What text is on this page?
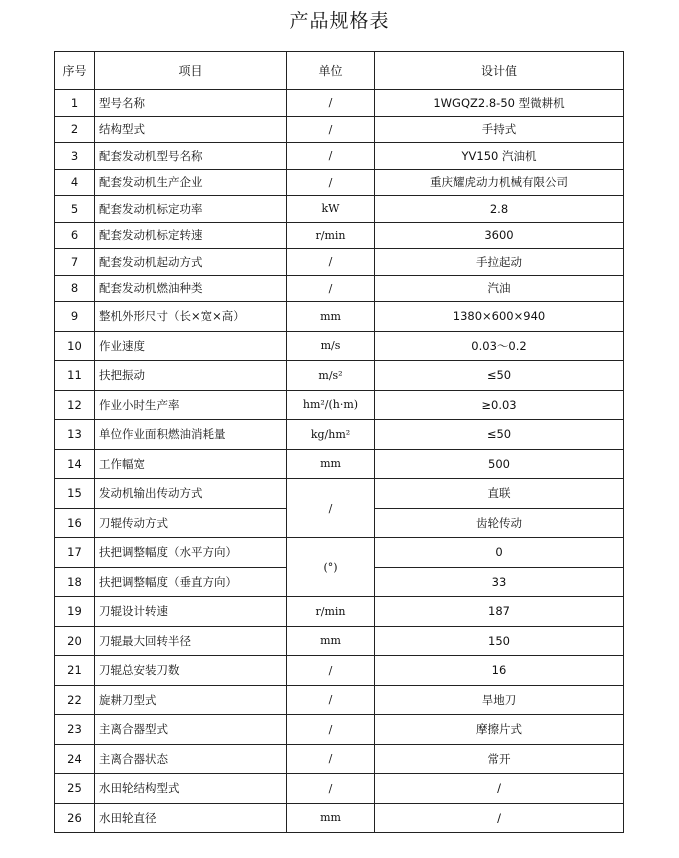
产品规格表
序号	项目	单位	设计值
1	型号名称	/	1WGQZ2.8-50 型微耕机
2	结构型式	/	手持式
3	配套发动机型号名称	/	YV150 汽油机
4	配套发动机生产企业	/	重庆耀虎动力机械有限公司
5	配套发动机标定功率	kW	2.8
6	配套发动机标定转速	r/min	3600
7	配套发动机起动方式	/	手拉起动
8	配套发动机燃油种类	/	汽油
9	整机外形尺寸（长×宽×高）	mm	1380×600×940
10	作业速度	m/s	0.03～0.2
11	扶把振动	m/s²	≤50
12	作业小时生产率	hm²/(h·m)	≥0.03
13	单位作业面积燃油消耗量	kg/hm²	≤50
14	工作幅宽	mm	500
15	发动机输出传动方式	/	直联
16	刀辊传动方式		齿轮传动
17	扶把调整幅度（水平方向）	(°)	0
18	扶把调整幅度（垂直方向）		33
19	刀辊设计转速	r/min	187
20	刀辊最大回转半径	mm	150
21	刀辊总安装刀数	/	16
22	旋耕刀型式	/	旱地刀
23	主离合器型式	/	摩擦片式
24	主离合器状态	/	常开
25	水田轮结构型式	/	/
26	水田轮直径	mm	/
